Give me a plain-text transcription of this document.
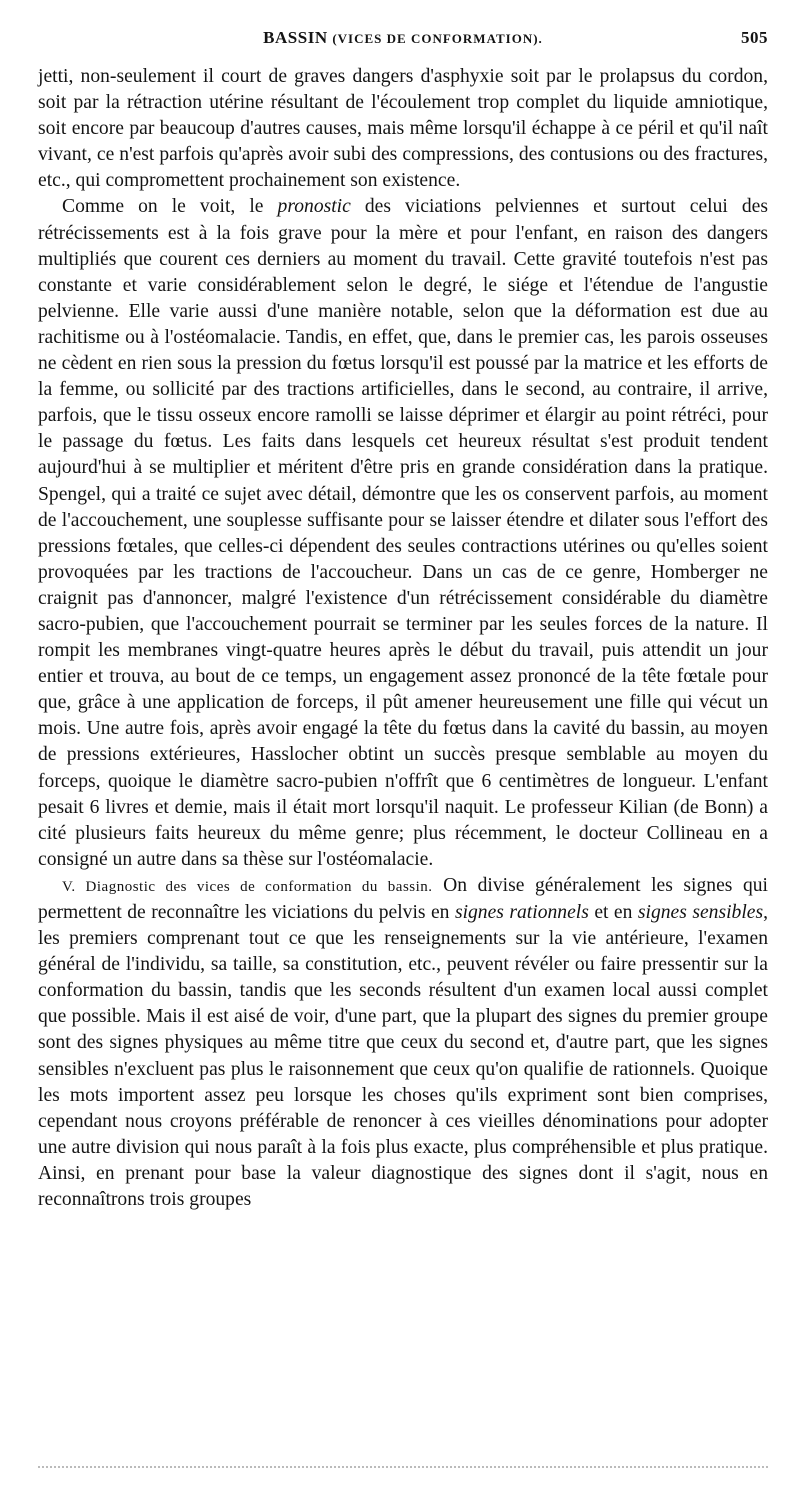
BASSIN (VICES DE CONFORMATION).	505

jetti, non-seulement il court de graves dangers d'asphyxie soit par le prolapsus du cordon, soit par la rétraction utérine résultant de l'écoulement trop complet du liquide amniotique, soit encore par beaucoup d'autres causes, mais même lorsqu'il échappe à ce péril et qu'il naît vivant, ce n'est parfois qu'après avoir subi des compressions, des contusions ou des fractures, etc., qui compromettent prochainement son existence.

Comme on le voit, le pronostic des viciations pelviennes et surtout celui des rétrécissements est à la fois grave pour la mère et pour l'enfant, en raison des dangers multipliés que courent ces derniers au moment du travail. Cette gravité toutefois n'est pas constante et varie considérablement selon le degré, le siége et l'étendue de l'angustie pelvienne. Elle varie aussi d'une manière notable, selon que la déformation est due au rachitisme ou à l'ostéomalacie. Tandis, en effet, que, dans le premier cas, les parois osseuses ne cèdent en rien sous la pression du fœtus lorsqu'il est poussé par la matrice et les efforts de la femme, ou sollicité par des tractions artificielles, dans le second, au contraire, il arrive, parfois, que le tissu osseux encore ramolli se laisse déprimer et élargir au point rétréci, pour le passage du fœtus. Les faits dans lesquels cet heureux résultat s'est produit tendent aujourd'hui à se multiplier et méritent d'être pris en grande considération dans la pratique. Spengel, qui a traité ce sujet avec détail, démontre que les os conservent parfois, au moment de l'accouchement, une souplesse suffisante pour se laisser étendre et dilater sous l'effort des pressions fœtales, que celles-ci dépendent des seules contractions utérines ou qu'elles soient provoquées par les tractions de l'accoucheur. Dans un cas de ce genre, Homberger ne craignit pas d'annoncer, malgré l'existence d'un rétrécissement considérable du diamètre sacro-pubien, que l'accouchement pourrait se terminer par les seules forces de la nature. Il rompit les membranes vingt-quatre heures après le début du travail, puis attendit un jour entier et trouva, au bout de ce temps, un engagement assez prononcé de la tête fœtale pour que, grâce à une application de forceps, il pût amener heureusement une fille qui vécut un mois. Une autre fois, après avoir engagé la tête du fœtus dans la cavité du bassin, au moyen de pressions extérieures, Hasslocher obtint un succès presque semblable au moyen du forceps, quoique le diamètre sacro-pubien n'offrît que 6 centimètres de longueur. L'enfant pesait 6 livres et demie, mais il était mort lorsqu'il naquit. Le professeur Kilian (de Bonn) a cité plusieurs faits heureux du même genre; plus récemment, le docteur Collineau en a consigné un autre dans sa thèse sur l'ostéomalacie.

V. Diagnostic des vices de conformation du bassin. On divise généralement les signes qui permettent de reconnaître les viciations du pelvis en signes rationnels et en signes sensibles, les premiers comprenant tout ce que les renseignements sur la vie antérieure, l'examen général de l'individu, sa taille, sa constitution, etc., peuvent révéler ou faire pressentir sur la conformation du bassin, tandis que les seconds résultent d'un examen local aussi complet que possible. Mais il est aisé de voir, d'une part, que la plupart des signes du premier groupe sont des signes physiques au même titre que ceux du second et, d'autre part, que les signes sensibles n'excluent pas plus le raisonnement que ceux qu'on qualifie de rationnels. Quoique les mots importent assez peu lorsque les choses qu'ils expriment sont bien comprises, cependant nous croyons préférable de renoncer à ces vieilles dénominations pour adopter une autre division qui nous paraît à la fois plus exacte, plus compréhensible et plus pratique. Ainsi, en prenant pour base la valeur diagnostique des signes dont il s'agit, nous en reconnaîtrons trois groupes
